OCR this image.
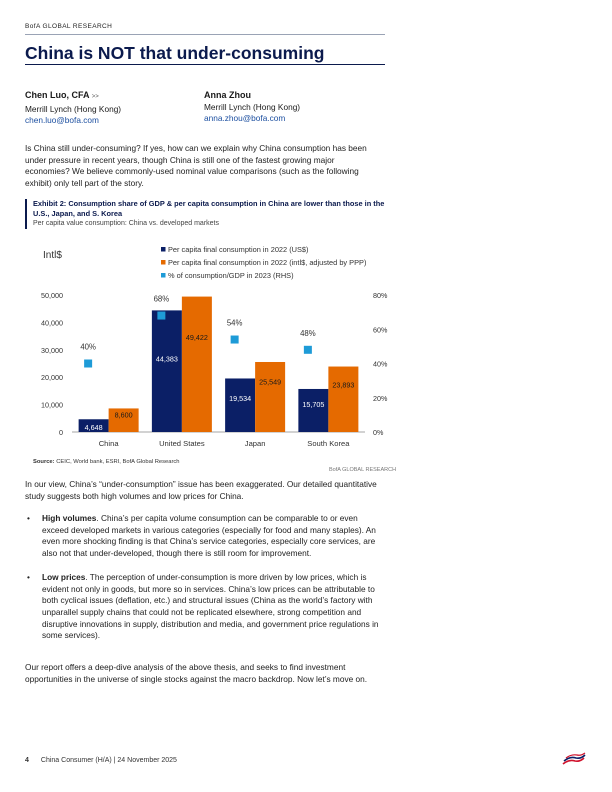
BofA GLOBAL RESEARCH
China is NOT that under-consuming
Chen Luo, CFA >>
Merrill Lynch (Hong Kong)
chen.luo@bofa.com
Anna Zhou
Merrill Lynch (Hong Kong)
anna.zhou@bofa.com
Is China still under-consuming? If yes, how can we explain why China consumption has been under pressure in recent years, though China is still one of the fastest growing major economies? We believe commonly-used nominal value comparisons (such as the following exhibit) only tell part of the story.
Exhibit 2: Consumption share of GDP & per capita consumption in China are lower than those in the U.S., Japan, and S. Korea
Per capita value consumption: China vs. developed markets
Intl$
Per capita final consumption in 2022 (US$)
Per capita final consumption in 2022 (intl$, adjusted by PPP)
% of consumption/GDP in 2023 (RHS)
0
10,000
20,000
30,000
40,000
50,000
0%
20%
40%
60%
80%
4,648
8,600
40%
China
44,383
49,422
68%
United States
19,534
25,549
54%
Japan
15,705
23,893
48%
South Korea
Source: CEIC, World bank, ESRI, BofA Global Research
BofA GLOBAL RESEARCH
In our view, China’s “under-consumption” issue has been exaggerated. Our detailed quantitative study suggests both high volumes and low prices for China.
• High volumes. China’s per capita volume consumption can be comparable to or even exceed developed markets in various categories (especially for food and many staples). An even more shocking finding is that China’s service categories, especially core services, are also not that under-developed, though there is still room for improvement.
• Low prices. The perception of under-consumption is more driven by low prices, which is evident not only in goods, but more so in services. China’s low prices can be attributable to both cyclical issues (deflation, etc.) and structural issues (China as the world’s factory with unparallel supply chains that could not be replicated elsewhere, strong competition and disruptive innovations in supply, distribution and media, and government price regulations in some services).
Our report offers a deep-dive analysis of the above thesis, and seeks to find investment opportunities in the universe of single stocks against the macro backdrop. Now let’s move on.
4 China Consumer (H/A) | 24 November 2025
